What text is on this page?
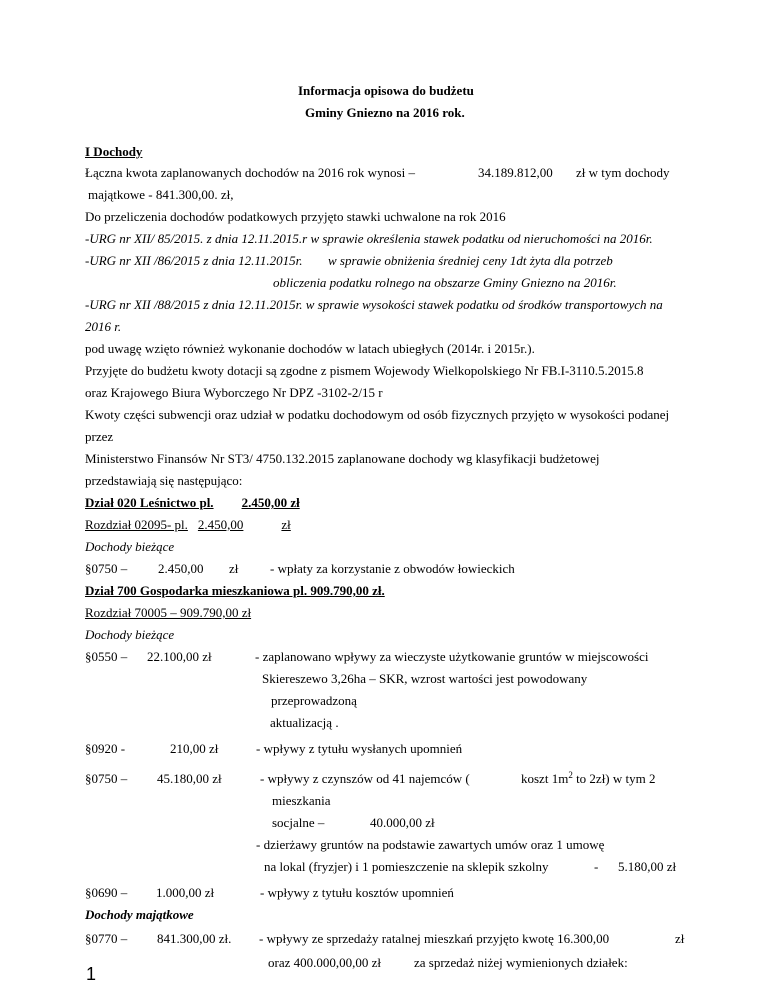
Informacja opisowa do budżetu
Gminy Gniezno na 2016 rok.
I Dochody
Łączna kwota zaplanowanych dochodów na 2016 rok wynosi –	34.189.812,00 zł w tym dochody
majątkowe - 841.300,00. zł,
Do przeliczenia dochodów podatkowych przyjęto stawki uchwalone na rok 2016
-URG nr XII/ 85/2015. z dnia 12.11.2015.r w sprawie określenia stawek podatku od nieruchomości na 2016r.
-URG nr XII /86/2015 z dnia 12.11.2015r. w sprawie obniżenia średniej ceny 1dt żyta dla potrzeb
obliczenia podatku rolnego na obszarze Gminy Gniezno na 2016r.
-URG nr XII /88/2015 z dnia 12.11.2015r. w sprawie wysokości stawek podatku od środków transportowych na
2016 r.
pod uwagę wzięto również wykonanie dochodów w latach ubiegłych (2014r. i 2015r.).
Przyjęte do budżetu kwoty dotacji są zgodne z pismem Wojewody Wielkopolskiego Nr FB.I-3110.5.2015.8
oraz Krajowego Biura Wyborczego Nr DPZ -3102-2/15 r
Kwoty części subwencji oraz udział w podatku dochodowym od osób fizycznych przyjęto w wysokości podanej
przez
Ministerstwo Finansów Nr ST3/ 4750.132.2015 zaplanowane dochody wg klasyfikacji budżetowej
przedstawiają się następująco:
Dział 020 Leśnictwo pl. 2.450,00 zł
Rozdział 02095- pl. 2.450,00	zł
Dochody bieżące
§0750 – 2.450,00 zł - wpłaty za korzystanie z obwodów łowieckich
Dział 700 Gospodarka mieszkaniowa pl. 909.790,00 zł.
Rozdział 70005 – 909.790,00 zł
Dochody bieżące
§0550 – 22.100,00 zł	- zaplanowano wpływy za wieczyste użytkowanie gruntów w miejscowości
Skiereszewo 3,26ha – SKR, wzrost wartości jest powodowany
przeprowadzoną
aktualizacją .
§0920 -	210,00 zł	- wpływy z tytułu wysłanych upomnień
§0750 – 45.180,00 zł	- wpływy z czynszów od 41 najemców (	koszt $1m^2$ to 2zł) w tym 2
mieszkania
socjalne –	40.000,00 zł
- dzierżawy gruntów na podstawie zawartych umów oraz 1 umowę
na lokal (fryzjer) i 1 pomieszczenie na sklepik szkolny	- 5.180,00 zł
§0690 – 1.000,00 zł	- wpływy z tytułu kosztów upomnień
Dochody majątkowe
§0770 – 841.300,00 zł. - wpływy ze sprzedaży ratalnej mieszkań przyjęto kwotę 16.300,00	zł
oraz 400.000,00,00 zł	za sprzedaż niżej wymienionych działek:
1
